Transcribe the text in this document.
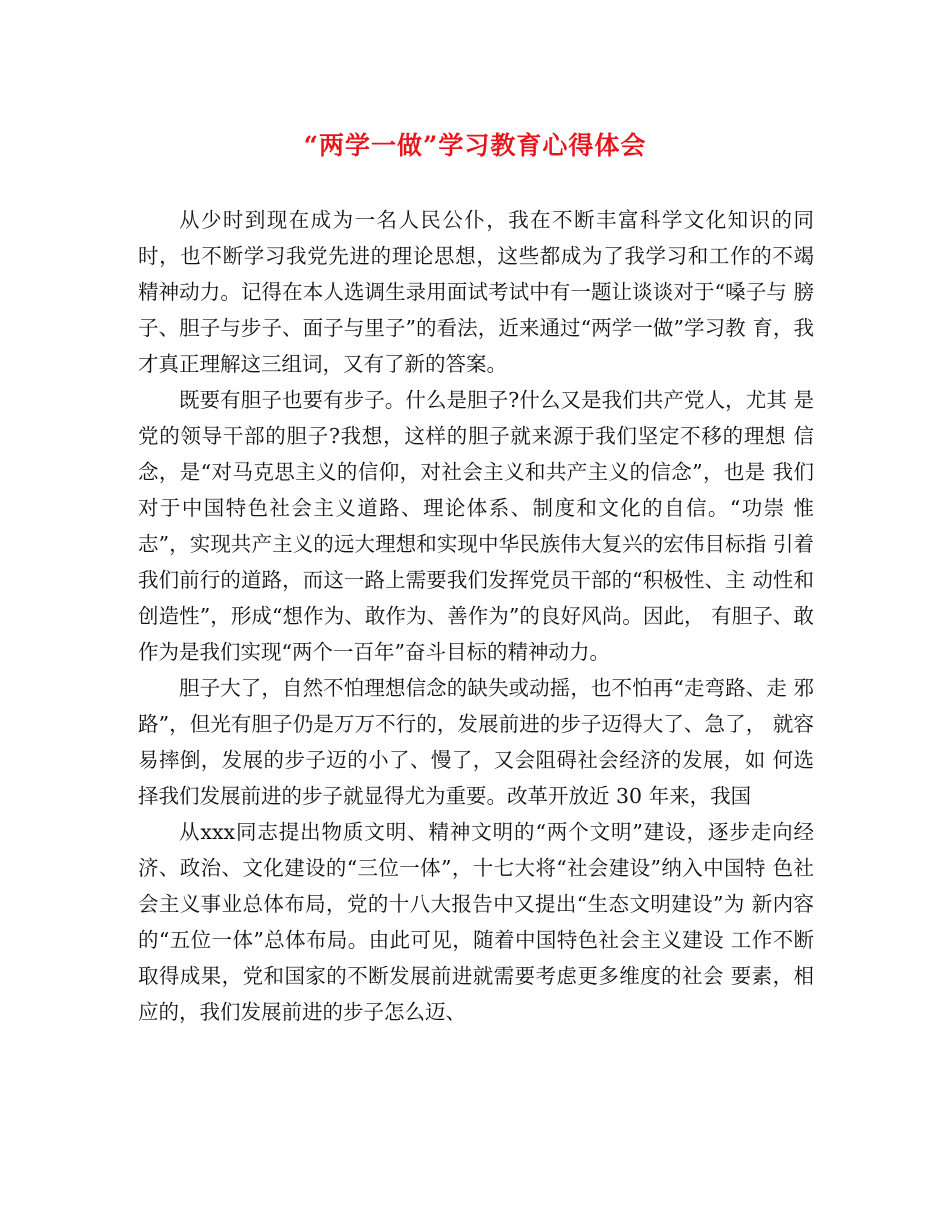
“两学一做”学习教育心得体会

从少时到现在成为一名人民公仆，我在不断丰富科学文化知识的同时，也不断学习我党先进的理论思想，这些都成为了我学习和工作的不竭 精神动力。记得在本人选调生录用面试考试中有一题让谈谈对于“嗓子与 膀子、胆子与步子、面子与里子”的看法，近来通过“两学一做”学习教 育，我才真正理解这三组词，又有了新的答案。

既要有胆子也要有步子。什么是胆子?什么又是我们共产党人，尤其 是党的领导干部的胆子?我想，这样的胆子就来源于我们坚定不移的理想 信念，是“对马克思主义的信仰，对社会主义和共产主义的信念”，也是 我们对于中国特色社会主义道路、理论体系、制度和文化的自信。“功崇 惟志”，实现共产主义的远大理想和实现中华民族伟大复兴的宏伟目标指 引着我们前行的道路，而这一路上需要我们发挥党员干部的“积极性、主 动性和创造性”，形成“想作为、敢作为、善作为”的良好风尚。因此， 有胆子、敢作为是我们实现“两个一百年”奋斗目标的精神动力。

胆子大了，自然不怕理想信念的缺失或动摇，也不怕再“走弯路、走 邪路”，但光有胆子仍是万万不行的，发展前进的步子迈得大了、急了， 就容易摔倒，发展的步子迈的小了、慢了，又会阻碍社会经济的发展，如 何选择我们发展前进的步子就显得尤为重要。改革开放近 30 年来，我国

从xxx同志提出物质文明、精神文明的“两个文明”建设，逐步走向经 济、政治、文化建设的“三位一体”，十七大将“社会建设”纳入中国特 色社会主义事业总体布局，党的十八大报告中又提出“生态文明建设”为 新内容的“五位一体”总体布局。由此可见，随着中国特色社会主义建设 工作不断取得成果，党和国家的不断发展前进就需要考虑更多维度的社会 要素，相应的，我们发展前进的步子怎么迈、
